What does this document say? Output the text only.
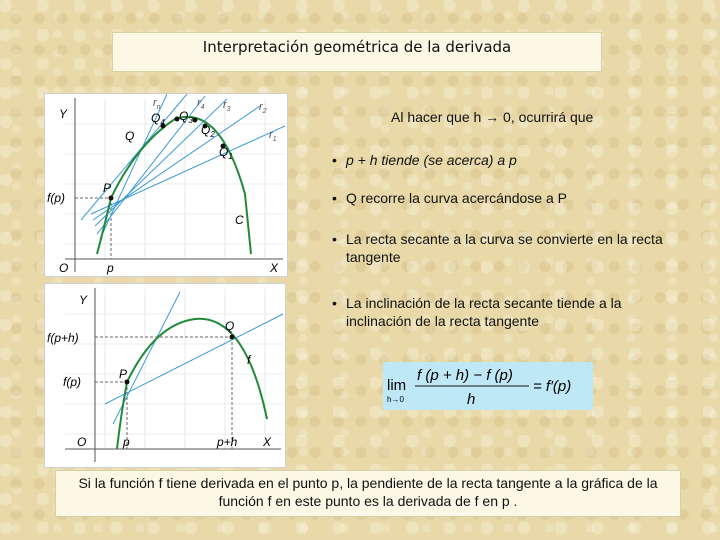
Interpretación geométrica de la derivada
Y
X
O	p
f(p)
P
C
Q
$Q_4$ $Q_3$
$Q_2$
$Q_1$
$r_n$	$r_4$ $r_3$	$r_2$
$r_1$
Y
X
O	p	p+h
f(p+h)
f(p)
P
Q
f
Al hacer que h → 0, ocurrirá que
• p + h tiende (se acerca) a p
• Q recorre la curva acercándose a P
• La recta secante a la curva se convierte en la recta tangente
• La inclinación de la recta secante tiende a la inclinación de la recta tangente
lim
h→0
f (p + h) − f (p)
h
= f′(p)
Si la función f tiene derivada en el punto p, la pendiente de la recta tangente a la gráfica de la función f en este punto es la derivada de f en p .
